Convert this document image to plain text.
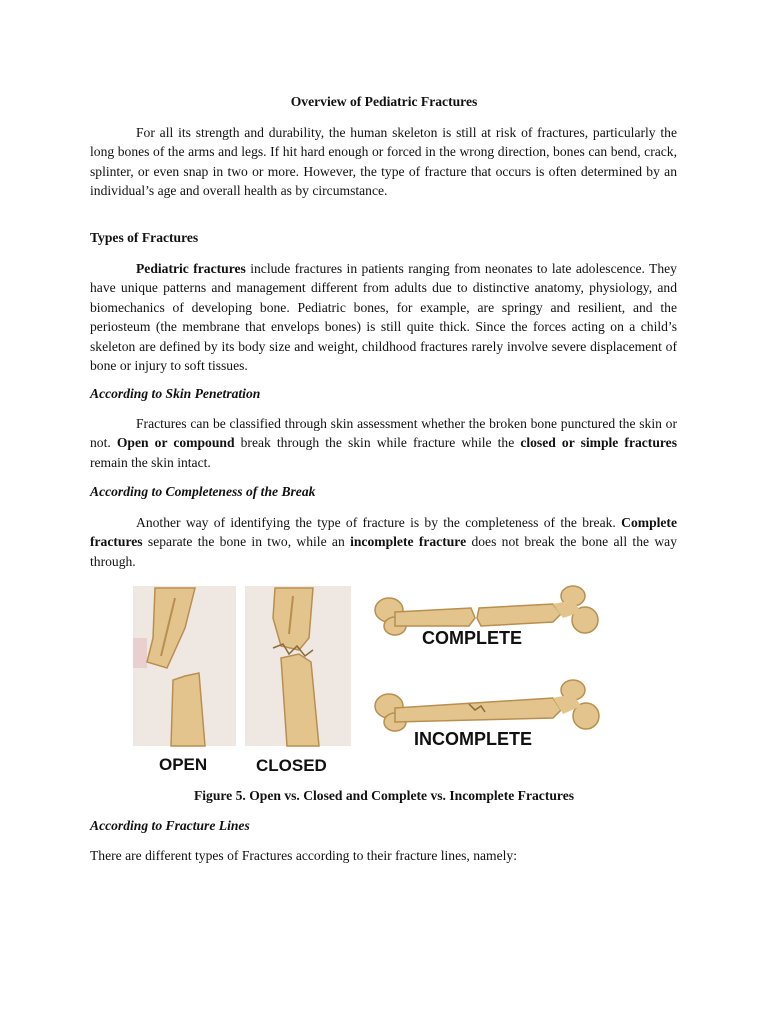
Overview of Pediatric Fractures

For all its strength and durability, the human skeleton is still at risk of fractures, particularly the long bones of the arms and legs. If hit hard enough or forced in the wrong direction, bones can bend, crack, splinter, or even snap in two or more. However, the type of fracture that occurs is often determined by an individual’s age and overall health as by circumstance.

Types of Fractures

Pediatric fractures include fractures in patients ranging from neonates to late adolescence. They have unique patterns and management different from adults due to distinctive anatomy, physiology, and biomechanics of developing bone. Pediatric bones, for example, are springy and resilient, and the periosteum (the membrane that envelops bones) is still quite thick. Since the forces acting on a child’s skeleton are defined by its body size and weight, childhood fractures rarely involve severe displacement of bone or injury to soft tissues.

According to Skin Penetration

Fractures can be classified through skin assessment whether the broken bone punctured the skin or not. Open or compound break through the skin while fracture while the closed or simple fractures remain the skin intact.

According to Completeness of the Break

Another way of identifying the type of fracture is by the completeness of the break. Complete fractures separate the bone in two, while an incomplete fracture does not break the bone all the way through.

OPEN	CLOSED
COMPLETE
INCOMPLETE
Figure 5. Open vs. Closed and Complete vs. Incomplete Fractures

According to Fracture Lines

There are different types of Fractures according to their fracture lines, namely:
